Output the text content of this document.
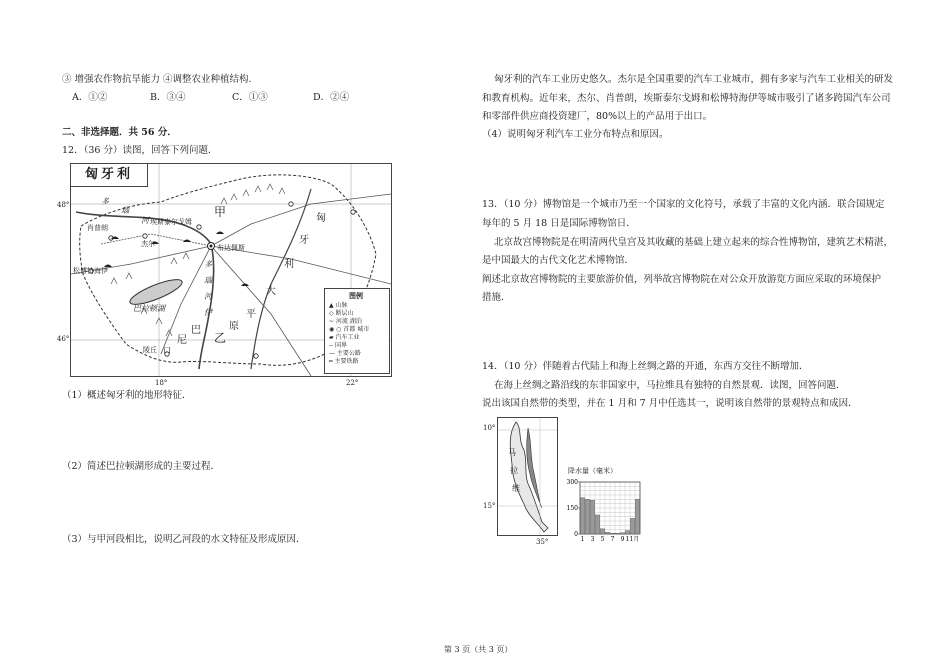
③ 增强农作物抗旱能力 ④调整农业种植结构.
A．①②	B．③④	C．①③	D．②④
二、非选择题．共 56 分．
12．（36 分）读图，回答下列问题．
48°
46°
18°	22°
匈牙利
多
瑙
河
甲
乙
匈
牙
利
大
平
原
巴
尼
口
多
瑙
河
伊
埃斯泰尔戈姆
杰尔
肖普朗
松博特海伊
布达佩斯
巴拉顿湖
陵丘
图例
▲ 山脉
◇ 断层山
~ 河流 湖泊
◉ ○ 首都 城市
▰ 汽车工业
-- 国界
— 主要公路
═ 主要铁路
（1）概述匈牙利的地形特征．
（2）简述巴拉顿湖形成的主要过程．
（3）与甲河段相比，说明乙河段的水文特征及形成原因．
匈牙利的汽车工业历史悠久。杰尔是全国重要的汽车工业城市，拥有多家与汽车工业相关的研发
和教育机构。近年来，杰尔、肖普朗，埃斯泰尔戈姆和松博特海伊等城市吸引了诸多跨国汽车公司
和零部件供应商投资建厂，80%以上的产品用于出口。
（4）说明匈牙利汽车工业分布特点和原因。
13．（10 分）博物馆是一个城市乃至一个国家的文化符号，承载了丰富的文化内涵．联合国规定
每年的 5 月 18 日是国际博物馆日．
北京故宫博物院是在明清两代皇宫及其收藏的基础上建立起来的综合性博物馆，建筑艺术精湛，
是中国最大的古代文化艺术博物馆．
阐述北京故宫博物院的主要旅游价值，列举故宫博物院在对公众开放游览方面应采取的环境保护
措施．
14．（10 分）伴随着古代陆上和海上丝绸之路的开通，东西方交往不断增加．
在海上丝绸之路沿线的东非国家中，马拉维具有独特的自然景观．读图，回答问题．
说出该国自然带的类型，并在 1 月和 7 月中任选其一，说明该自然带的景观特点和成因．
马
拉
维
10°
15°
35°
降水量（毫米）
0
150
300
1 3 5 7 9 11月
第 3 页（共 3 页）
